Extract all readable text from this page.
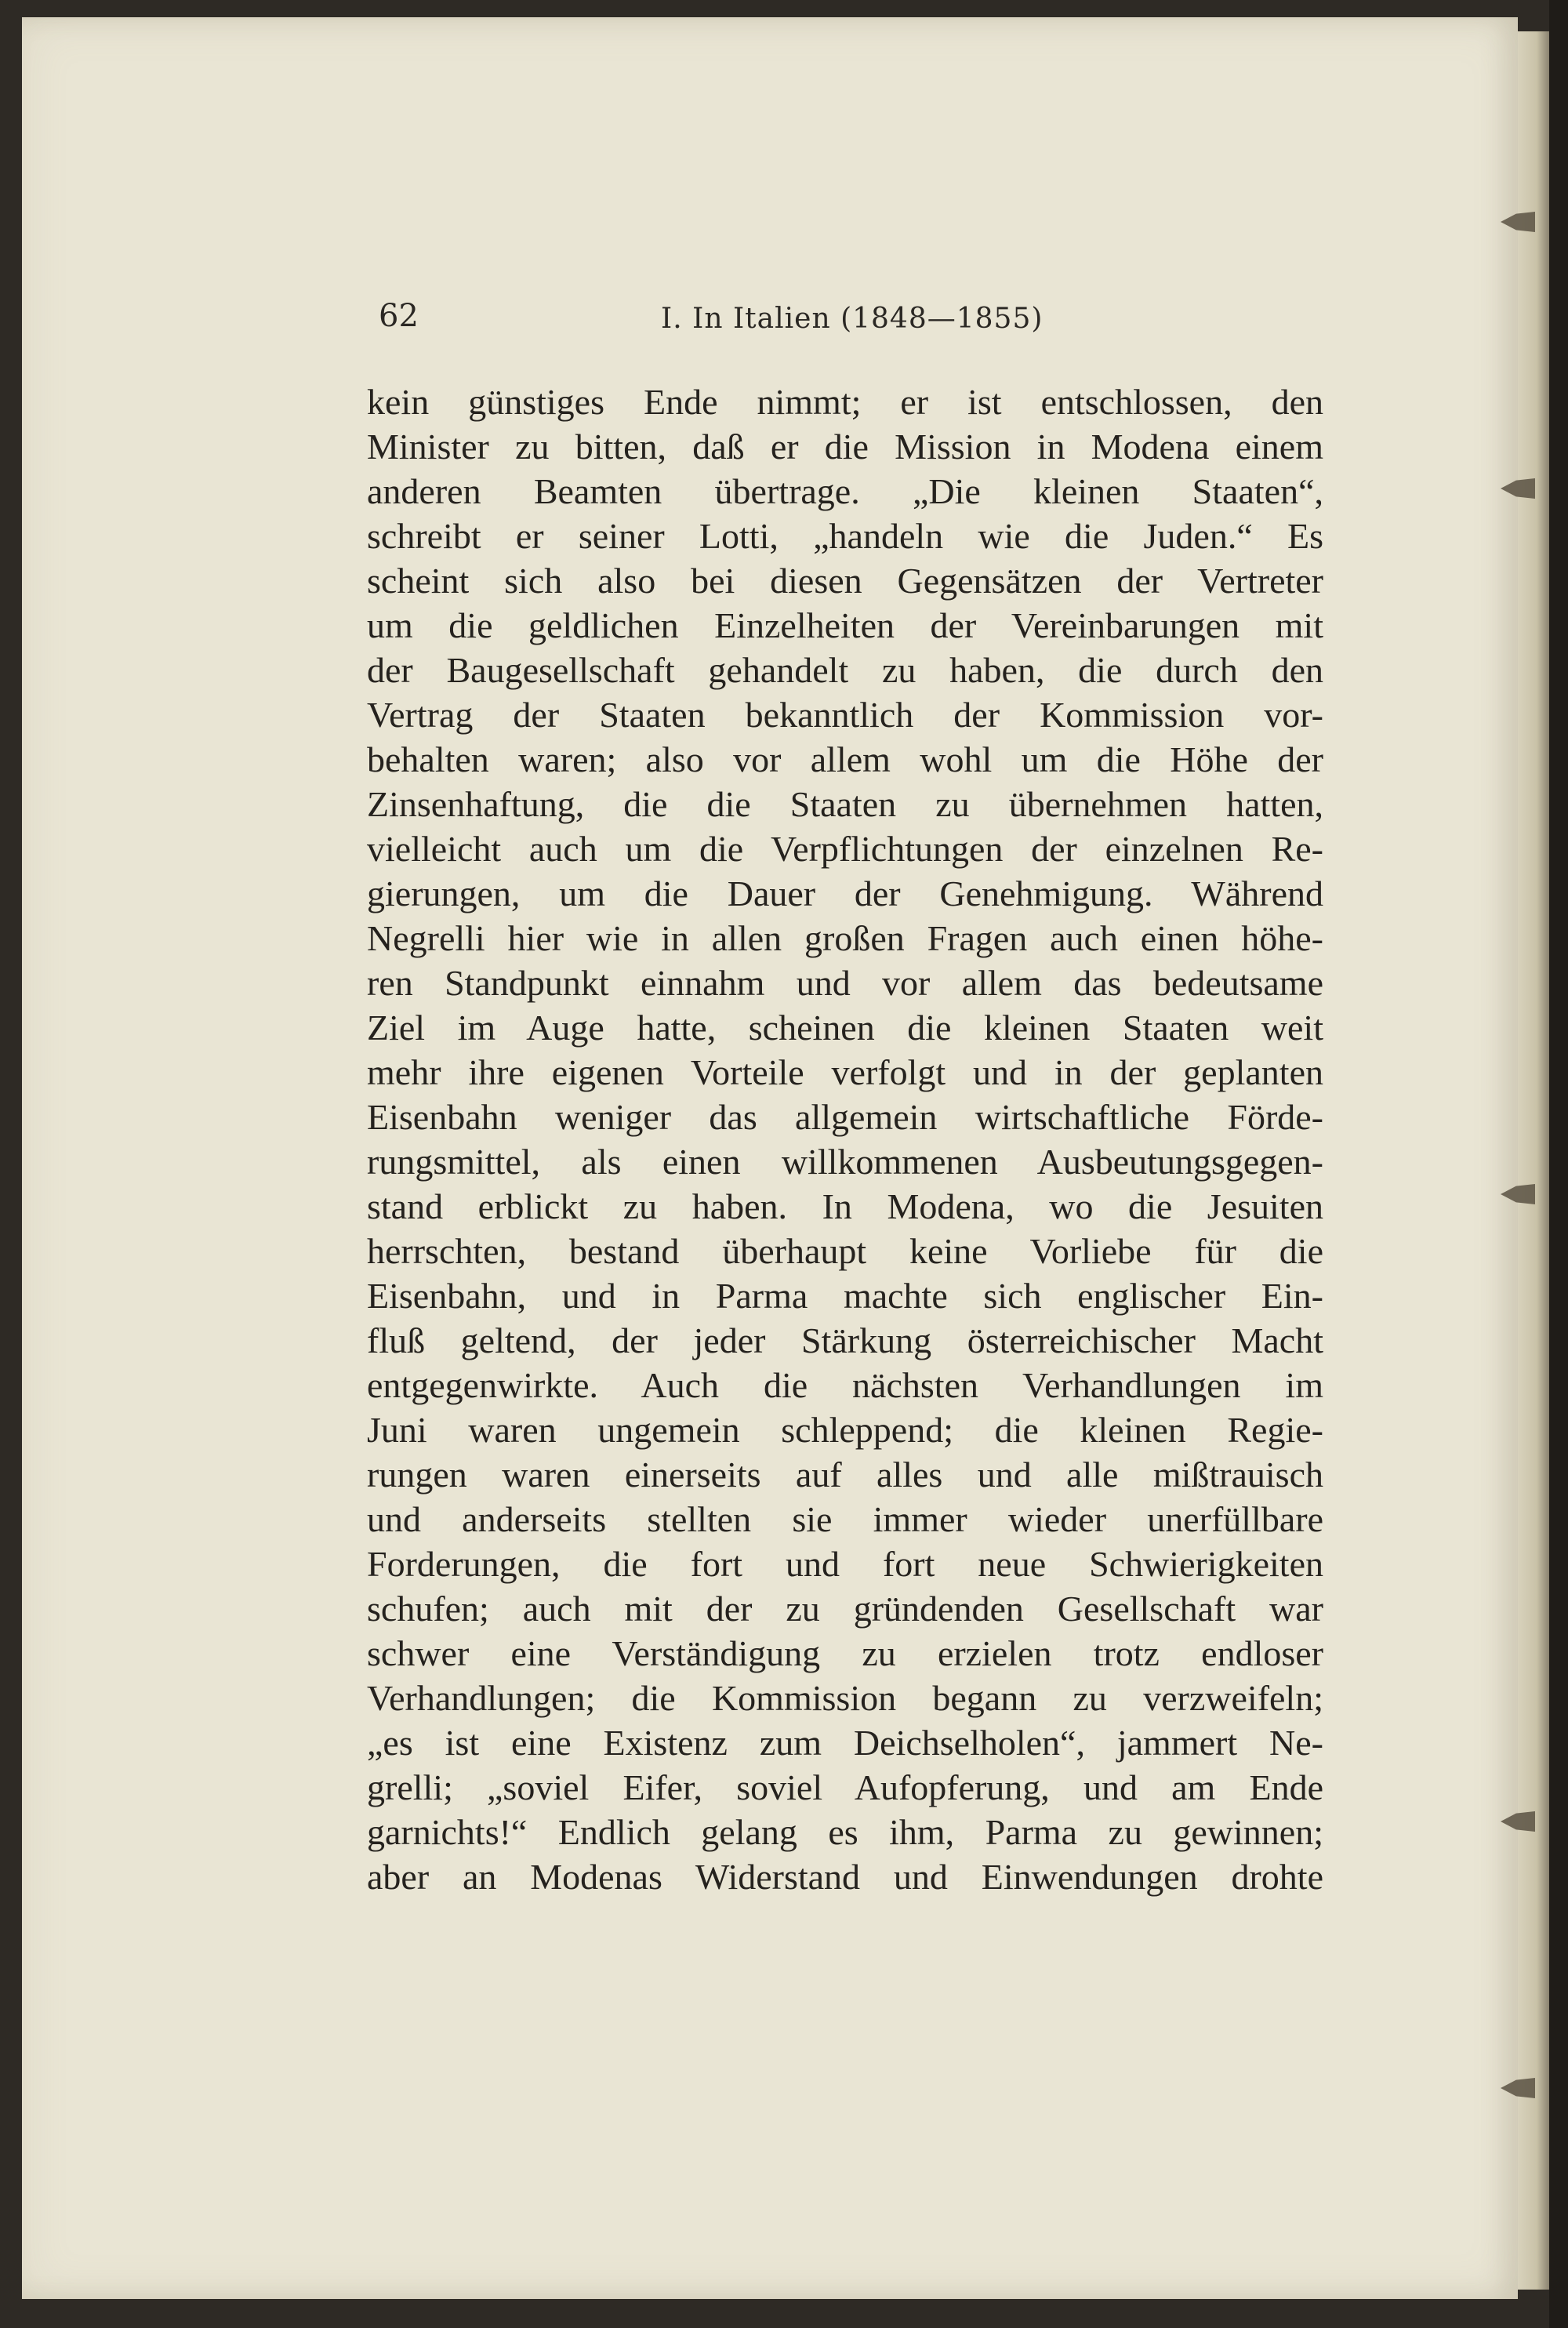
62	I. In Italien (1848—1855)
kein günstiges Ende nimmt; er ist entschlossen, den
Minister zu bitten, daß er die Mission in Modena einem
anderen Beamten übertrage. „Die kleinen Staaten“,
schreibt er seiner Lotti, „handeln wie die Juden.“ Es
scheint sich also bei diesen Gegensätzen der Vertreter
um die geldlichen Einzelheiten der Vereinbarungen mit
der Baugesellschaft gehandelt zu haben, die durch den
Vertrag der Staaten bekanntlich der Kommission vor-
behalten waren; also vor allem wohl um die Höhe der
Zinsenhaftung, die die Staaten zu übernehmen hatten,
vielleicht auch um die Verpflichtungen der einzelnen Re-
gierungen, um die Dauer der Genehmigung. Während
Negrelli hier wie in allen großen Fragen auch einen höhe-
ren Standpunkt einnahm und vor allem das bedeutsame
Ziel im Auge hatte, scheinen die kleinen Staaten weit
mehr ihre eigenen Vorteile verfolgt und in der geplanten
Eisenbahn weniger das allgemein wirtschaftliche Förde-
rungsmittel, als einen willkommenen Ausbeutungsgegen-
stand erblickt zu haben. In Modena, wo die Jesuiten
herrschten, bestand überhaupt keine Vorliebe für die
Eisenbahn, und in Parma machte sich englischer Ein-
fluß geltend, der jeder Stärkung österreichischer Macht
entgegenwirkte. Auch die nächsten Verhandlungen im
Juni waren ungemein schleppend; die kleinen Regie-
rungen waren einerseits auf alles und alle mißtrauisch
und anderseits stellten sie immer wieder unerfüllbare
Forderungen, die fort und fort neue Schwierigkeiten
schufen; auch mit der zu gründenden Gesellschaft war
schwer eine Verständigung zu erzielen trotz endloser
Verhandlungen; die Kommission begann zu verzweifeln;
„es ist eine Existenz zum Deichselholen“, jammert Ne-
grelli; „soviel Eifer, soviel Aufopferung, und am Ende
garnichts!“ Endlich gelang es ihm, Parma zu gewinnen;
aber an Modenas Widerstand und Einwendungen drohte
